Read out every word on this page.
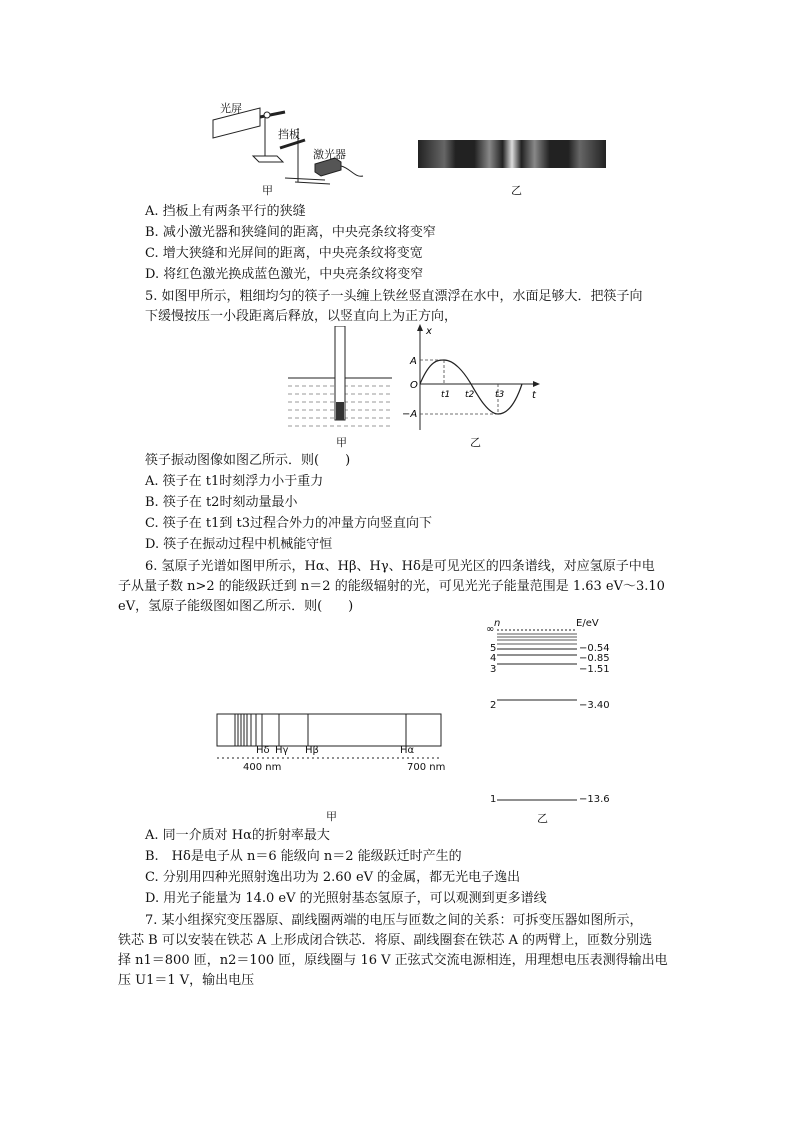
光屏
挡板
激光器
甲	乙
A. 挡板上有两条平行的狭缝
B. 减小激光器和狭缝间的距离，中央亮条纹将变窄
C. 增大狭缝和光屏间的距离，中央亮条纹将变宽
D. 将红色激光换成蓝色激光，中央亮条纹将变窄
5. 如图甲所示，粗细均匀的筷子一头缠上铁丝竖直漂浮在水中，水面足够大．把筷子向
下缓慢按压一小段距离后释放，以竖直向上为正方向，
甲
x
t
O
A
−A
t1 t2 t3
乙
筷子振动图像如图乙所示．则(　　)
A. 筷子在 t1时刻浮力小于重力
B. 筷子在 t2时刻动量最小
C. 筷子在 t1到 t3过程合外力的冲量方向竖直向下
D. 筷子在振动过程中机械能守恒
6. 氢原子光谱如图甲所示，Hα、Hβ、Hγ、Hδ是可见光区的四条谱线，对应氢原子中电
子从量子数 n>2 的能级跃迁到 n＝2 的能级辐射的光，可见光光子能量范围是 1.63 eV～3.10
eV，氢原子能级图如图乙所示．则(　　)
Hδ Hγ Hβ	Hα
400 nm	700 nm
甲
n	E/eV
∞
5
4
3
2
1
−0.54
−0.85
−1.51
−3.40
−13.6
乙
A. 同一介质对 Hα的折射率最大
B.　Hδ是电子从 n＝6 能级向 n＝2 能级跃迁时产生的
C. 分别用四种光照射逸出功为 2.60 eV 的金属，都无光电子逸出
D. 用光子能量为 14.0 eV 的光照射基态氢原子，可以观测到更多谱线
7. 某小组探究变压器原、副线圈两端的电压与匝数之间的关系：可拆变压器如图所示，
铁芯 B 可以安装在铁芯 A 上形成闭合铁芯．将原、副线圈套在铁芯 A 的两臂上，匝数分别选
择 n1＝800 匝，n2＝100 匝，原线圈与 16 V 正弦式交流电源相连，用理想电压表测得输出电
压 U1＝1 V，输出电压
